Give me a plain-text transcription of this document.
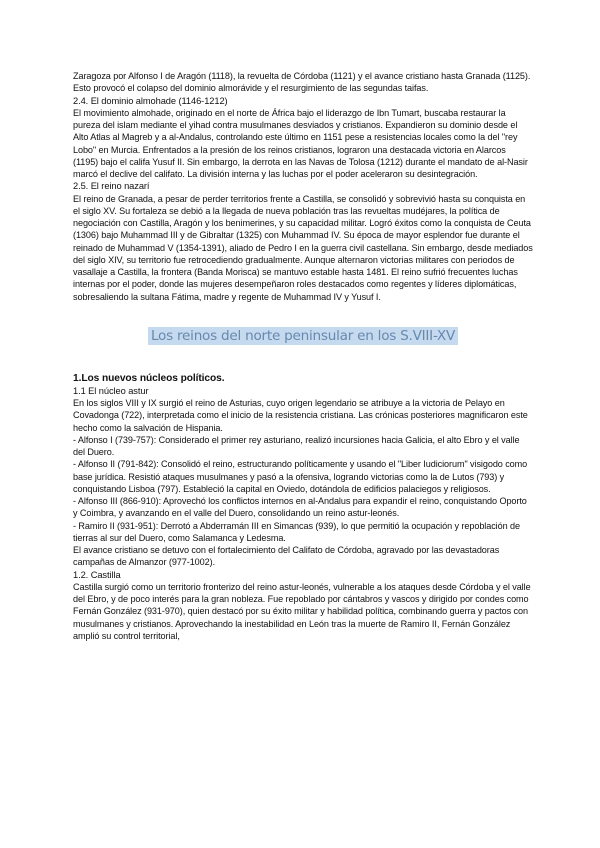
Zaragoza por Alfonso I de Aragón (1118), la revuelta de Córdoba (1121) y el avance cristiano hasta Granada (1125). Esto provocó el colapso del dominio almorávide y el resurgimiento de las segundas taifas.

2.4. El dominio almohade (1146-1212)

El movimiento almohade, originado en el norte de África bajo el liderazgo de Ibn Tumart, buscaba restaurar la pureza del islam mediante el yihad contra musulmanes desviados y cristianos. Expandieron su dominio desde el Alto Atlas al Magreb y a al-Andalus, controlando este último en 1151 pese a resistencias locales como la del "rey Lobo" en Murcia. Enfrentados a la presión de los reinos cristianos, lograron una destacada victoria en Alarcos (1195) bajo el califa Yusuf II. Sin embargo, la derrota en las Navas de Tolosa (1212) durante el mandato de al-Nasir marcó el declive del califato. La división interna y las luchas por el poder aceleraron su desintegración.

2.5. El reino nazarí

El reino de Granada, a pesar de perder territorios frente a Castilla, se consolidó y sobrevivió hasta su conquista en el siglo XV. Su fortaleza se debió a la llegada de nueva población tras las revueltas mudéjares, la política de negociación con Castilla, Aragón y los benimerines, y su capacidad militar. Logró éxitos como la conquista de Ceuta (1306) bajo Muhammad III y de Gibraltar (1325) con Muhammad IV. Su época de mayor esplendor fue durante el reinado de Muhammad V (1354-1391), aliado de Pedro I en la guerra civil castellana. Sin embargo, desde mediados del siglo XIV, su territorio fue retrocediendo gradualmente. Aunque alternaron victorias militares con periodos de vasallaje a Castilla, la frontera (Banda Morisca) se mantuvo estable hasta 1481. El reino sufrió frecuentes luchas internas por el poder, donde las mujeres desempeñaron roles destacados como regentes y líderes diplomáticas, sobresaliendo la sultana Fátima, madre y regente de Muhammad IV y Yusuf I.

Los reinos del norte peninsular en los S.VIII-XV

1.Los nuevos núcleos políticos.

1.1 El núcleo astur

En los siglos VIII y IX surgió el reino de Asturias, cuyo origen legendario se atribuye a la victoria de Pelayo en Covadonga (722), interpretada como el inicio de la resistencia cristiana. Las crónicas posteriores magnificaron este hecho como la salvación de Hispania.

- Alfonso I (739-757): Considerado el primer rey asturiano, realizó incursiones hacia Galicia, el alto Ebro y el valle del Duero.

- Alfonso II (791-842): Consolidó el reino, estructurando políticamente y usando el "Liber Iudiciorum" visigodo como base jurídica. Resistió ataques musulmanes y pasó a la ofensiva, logrando victorias como la de Lutos (793) y conquistando Lisboa (797). Estableció la capital en Oviedo, dotándola de edificios palaciegos y religiosos.

- Alfonso III (866-910): Aprovechó los conflictos internos en al-Andalus para expandir el reino, conquistando Oporto y Coimbra, y avanzando en el valle del Duero, consolidando un reino astur-leonés.

- Ramiro II (931-951): Derrotó a Abderramán III en Simancas (939), lo que permitió la ocupación y repoblación de tierras al sur del Duero, como Salamanca y Ledesma.

El avance cristiano se detuvo con el fortalecimiento del Califato de Córdoba, agravado por las devastadoras campañas de Almanzor (977-1002).

1.2. Castilla

Castilla surgió como un territorio fronterizo del reino astur-leonés, vulnerable a los ataques desde Córdoba y el valle del Ebro, y de poco interés para la gran nobleza. Fue repoblado por cántabros y vascos y dirigido por condes como Fernán González (931-970), quien destacó por su éxito militar y habilidad política, combinando guerra y pactos con musulmanes y cristianos. Aprovechando la inestabilidad en León tras la muerte de Ramiro II, Fernán González amplió su control territorial,
